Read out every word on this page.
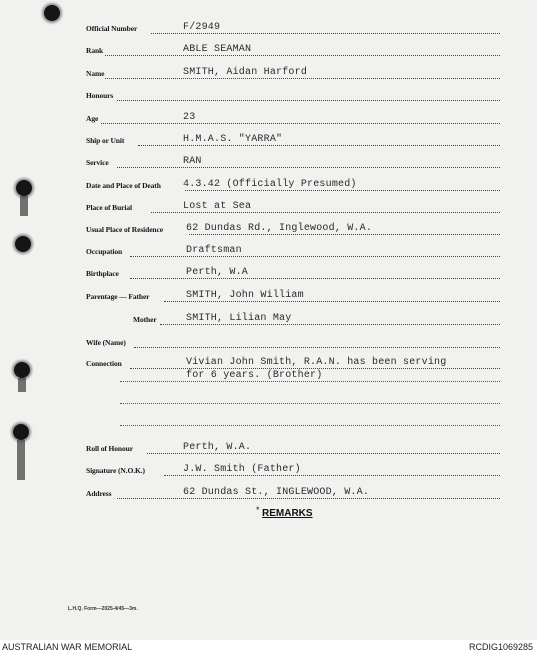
Official Number	F/2949
Rank	ABLE SEAMAN
Name	SMITH, Aidan Harford
Honours
Age	23
Ship or Unit	H.M.A.S. "YARRA"
Service	RAN
Date and Place of Death 4.3.42 (Officially Presumed)
Place of Burial	Lost at Sea
Usual Place of Residence 62 Dundas Rd., Inglewood, W.A.
Occupation	Draftsman
Birthplace	Perth, W.A
Parentage — Father	SMITH, John William
Mother	SMITH, Lilian May
Wife (Name)
Connection	Vivian John Smith, R.A.N. has been serving
for 6 years. (Brother)
Roll of Honour	Perth, W.A.
Signature (N.O.K.)	J.W. Smith (Father)
Address	62 Dundas St., INGLEWOOD, W.A.
* REMARKS
L.H.Q. Form—2025-4/45—3m.
AUSTRALIAN WAR MEMORIAL	RCDIG1069285
